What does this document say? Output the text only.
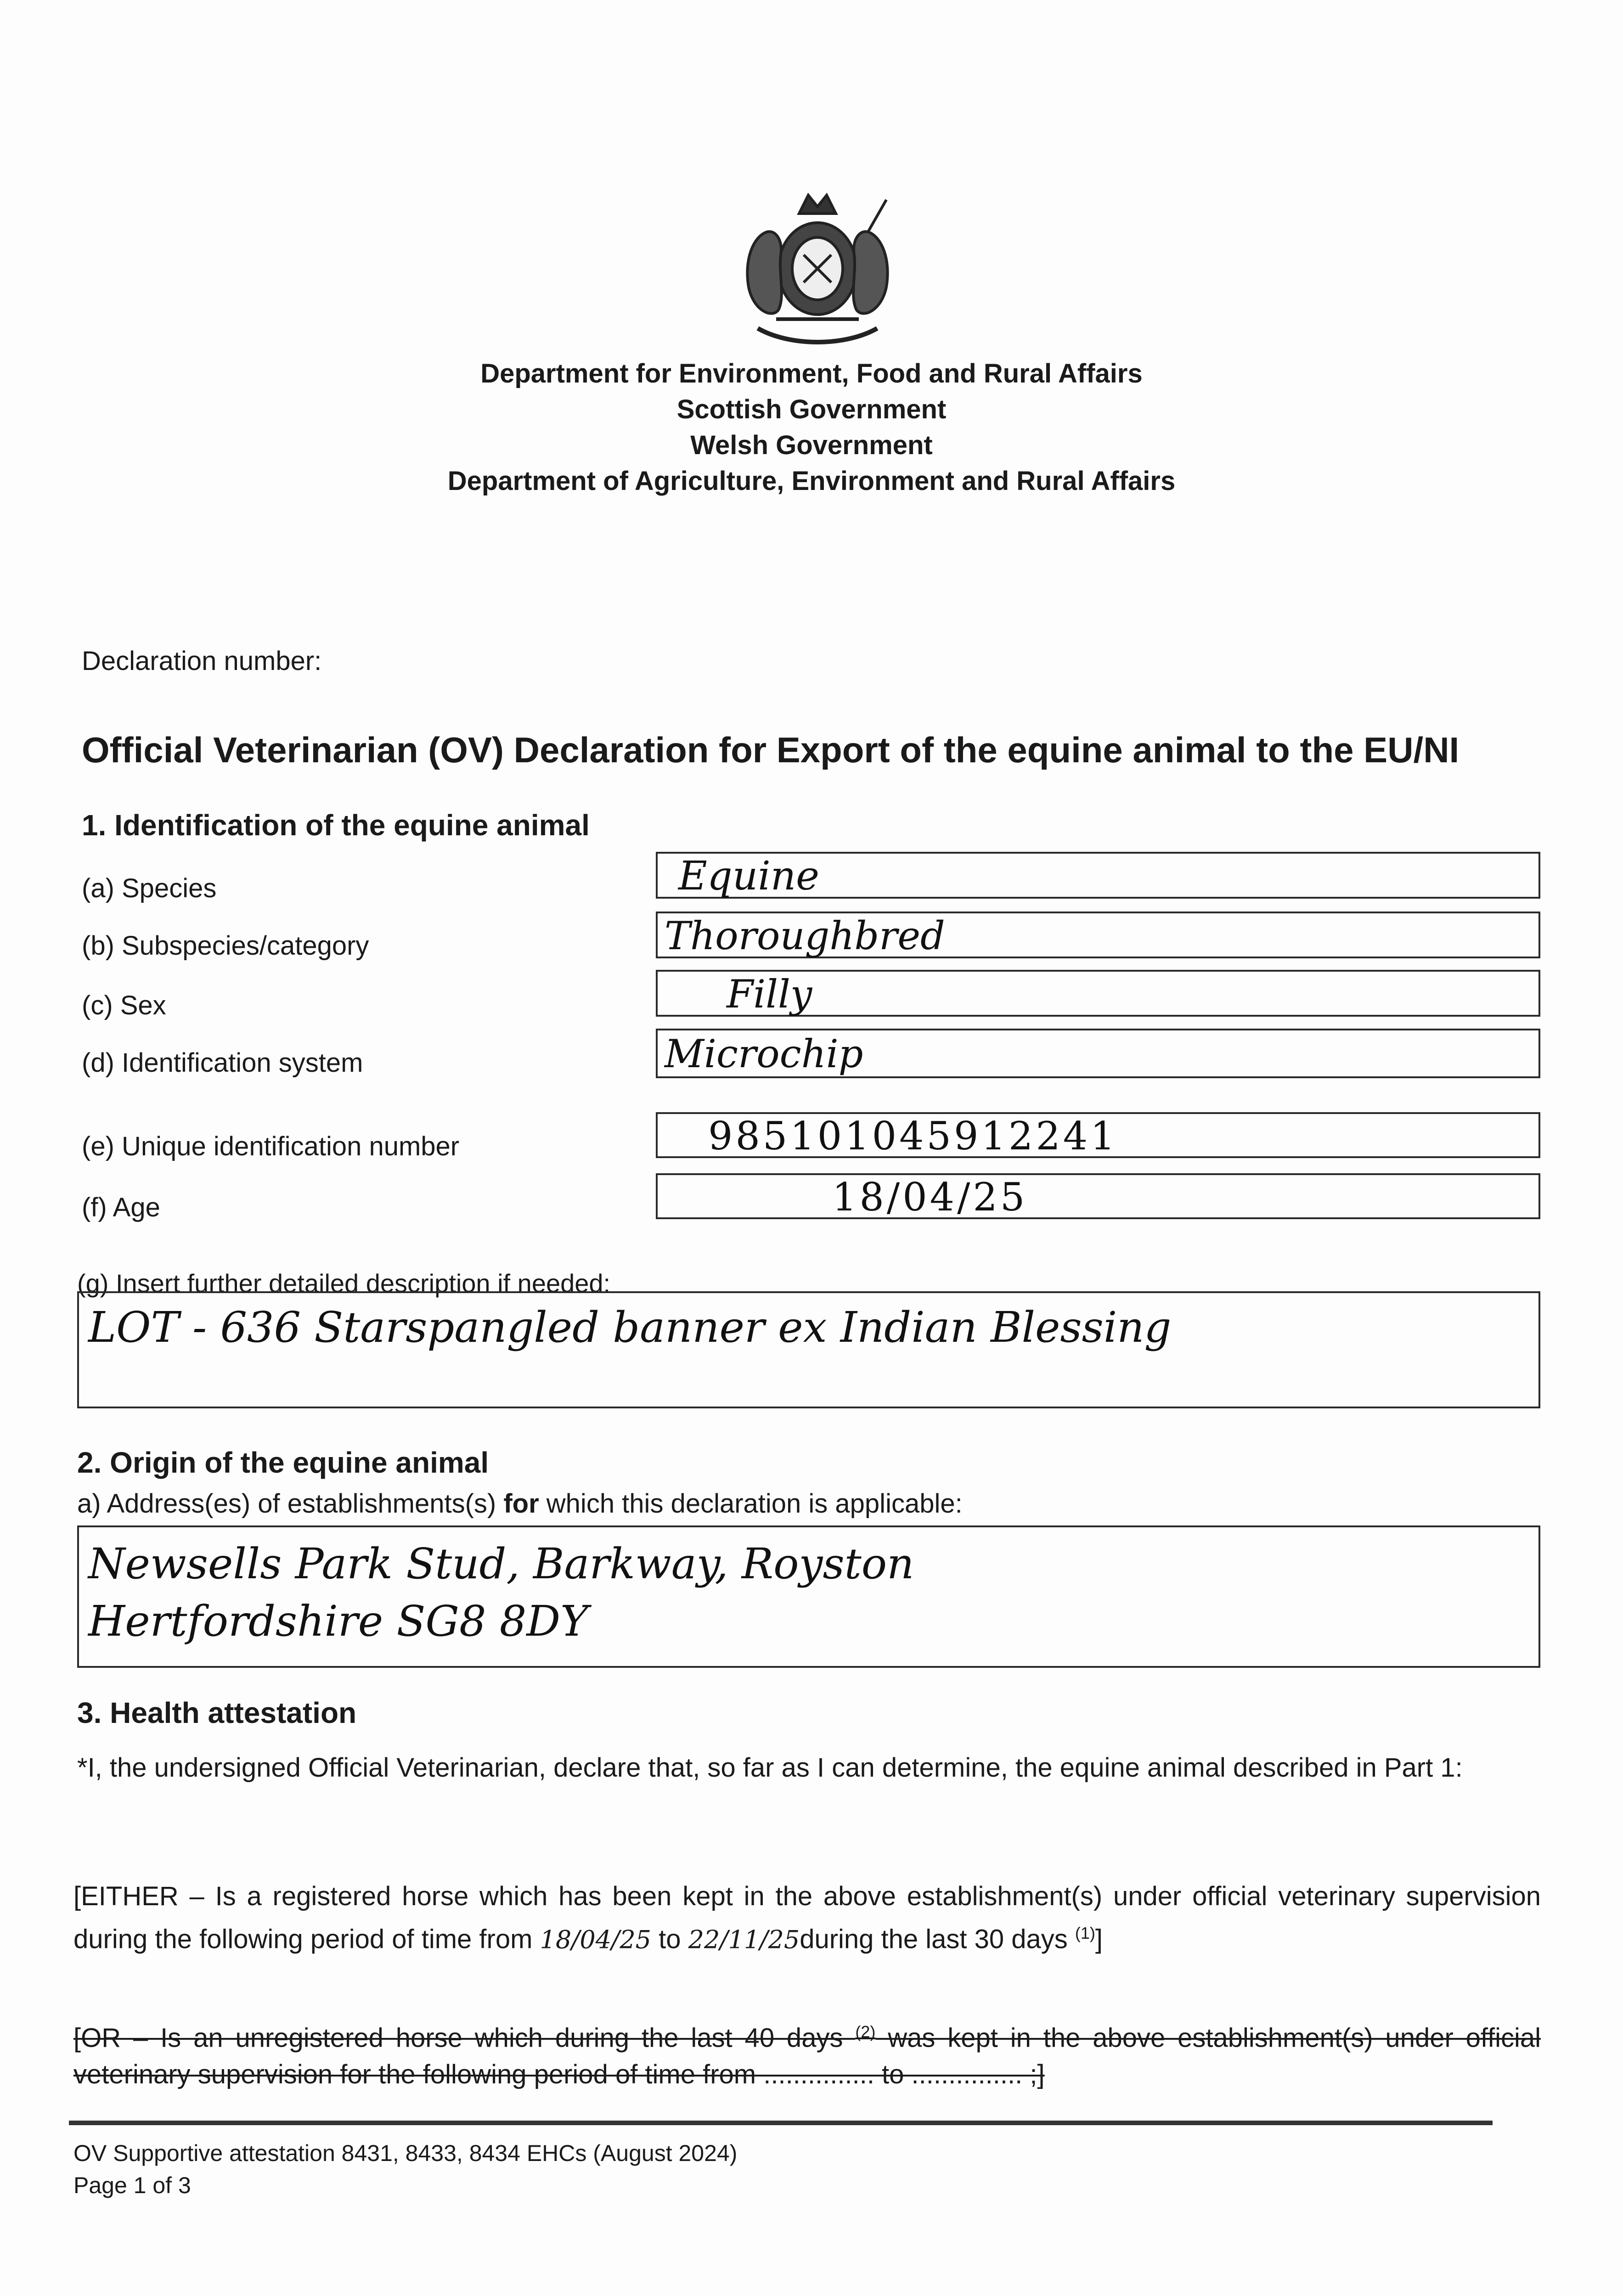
Department for Environment, Food and Rural Affairs
Scottish Government
Welsh Government
Department of Agriculture, Environment and Rural Affairs
Declaration number:
Official Veterinarian (OV) Declaration for Export of the equine animal to the EU/NI
1. Identification of the equine animal
(a) Species	Equine
(b) Subspecies/category	Thoroughbred
(c) Sex	Filly
(d) Identification system	Microchip
(e) Unique identification number	985101045912241
(f) Age	18/04/25
(g) Insert further detailed description if needed:
LOT - 636 Starspangled banner ex Indian Blessing
2. Origin of the equine animal
a) Address(es) of establishments(s) for which this declaration is applicable:
Newsells Park Stud, Barkway, Royston
Hertfordshire SG8 8DY
3. Health attestation
*I, the undersigned Official Veterinarian, declare that, so far as I can determine, the equine animal described in Part 1:
[EITHER – Is a registered horse which has been kept in the above establishment(s) under official veterinary supervision during the following period of time from 18/04/25 to 22/11/25during the last 30 days $^{(1)}$]
[OR – Is an unregistered horse which during the last 40 days $^{(2)}$ was kept in the above establishment(s) under official veterinary supervision for the following period of time from ............... to ............... ;]
OV Supportive attestation 8431, 8433, 8434 EHCs (August 2024)
Page 1 of 3
